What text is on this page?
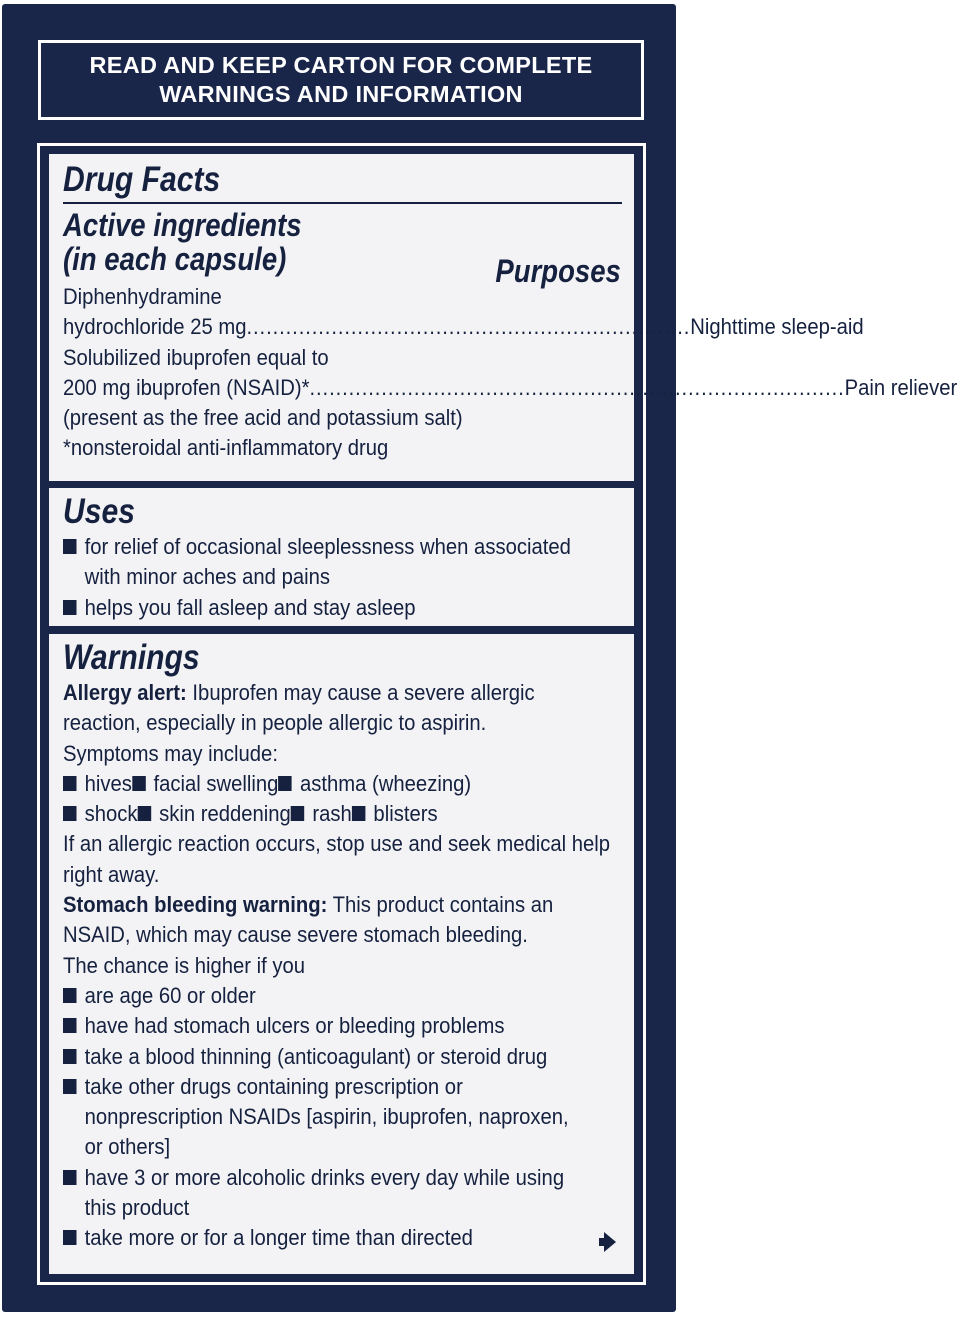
READ AND KEEP CARTON FOR COMPLETE
WARNINGS AND INFORMATION
Drug Facts
Active ingredients
(in each capsule)	Purposes
Diphenhydramine
hydrochloride 25 mg .................................................................... Nighttime sleep-aid
Solubilized ibuprofen equal to
200 mg ibuprofen (NSAID)* .................................................................................. Pain reliever
(present as the free acid and potassium salt)
*nonsteroidal anti-inflammatory drug
Uses
for relief of occasional sleeplessness when associated
with minor aches and pains
helps you fall asleep and stay asleep
Warnings
Allergy alert: Ibuprofen may cause a severe allergic
reaction, especially in people allergic to aspirin.
Symptoms may include:
hives facial swelling asthma (wheezing)
shock skin reddening rash blisters
If an allergic reaction occurs, stop use and seek medical help
right away.
Stomach bleeding warning: This product contains an
NSAID, which may cause severe stomach bleeding.
The chance is higher if you
are age 60 or older
have had stomach ulcers or bleeding problems
take a blood thinning (anticoagulant) or steroid drug
take other drugs containing prescription or
nonprescription NSAIDs [aspirin, ibuprofen, naproxen,
or others]
have 3 or more alcoholic drinks every day while using
this product
take more or for a longer time than directed
